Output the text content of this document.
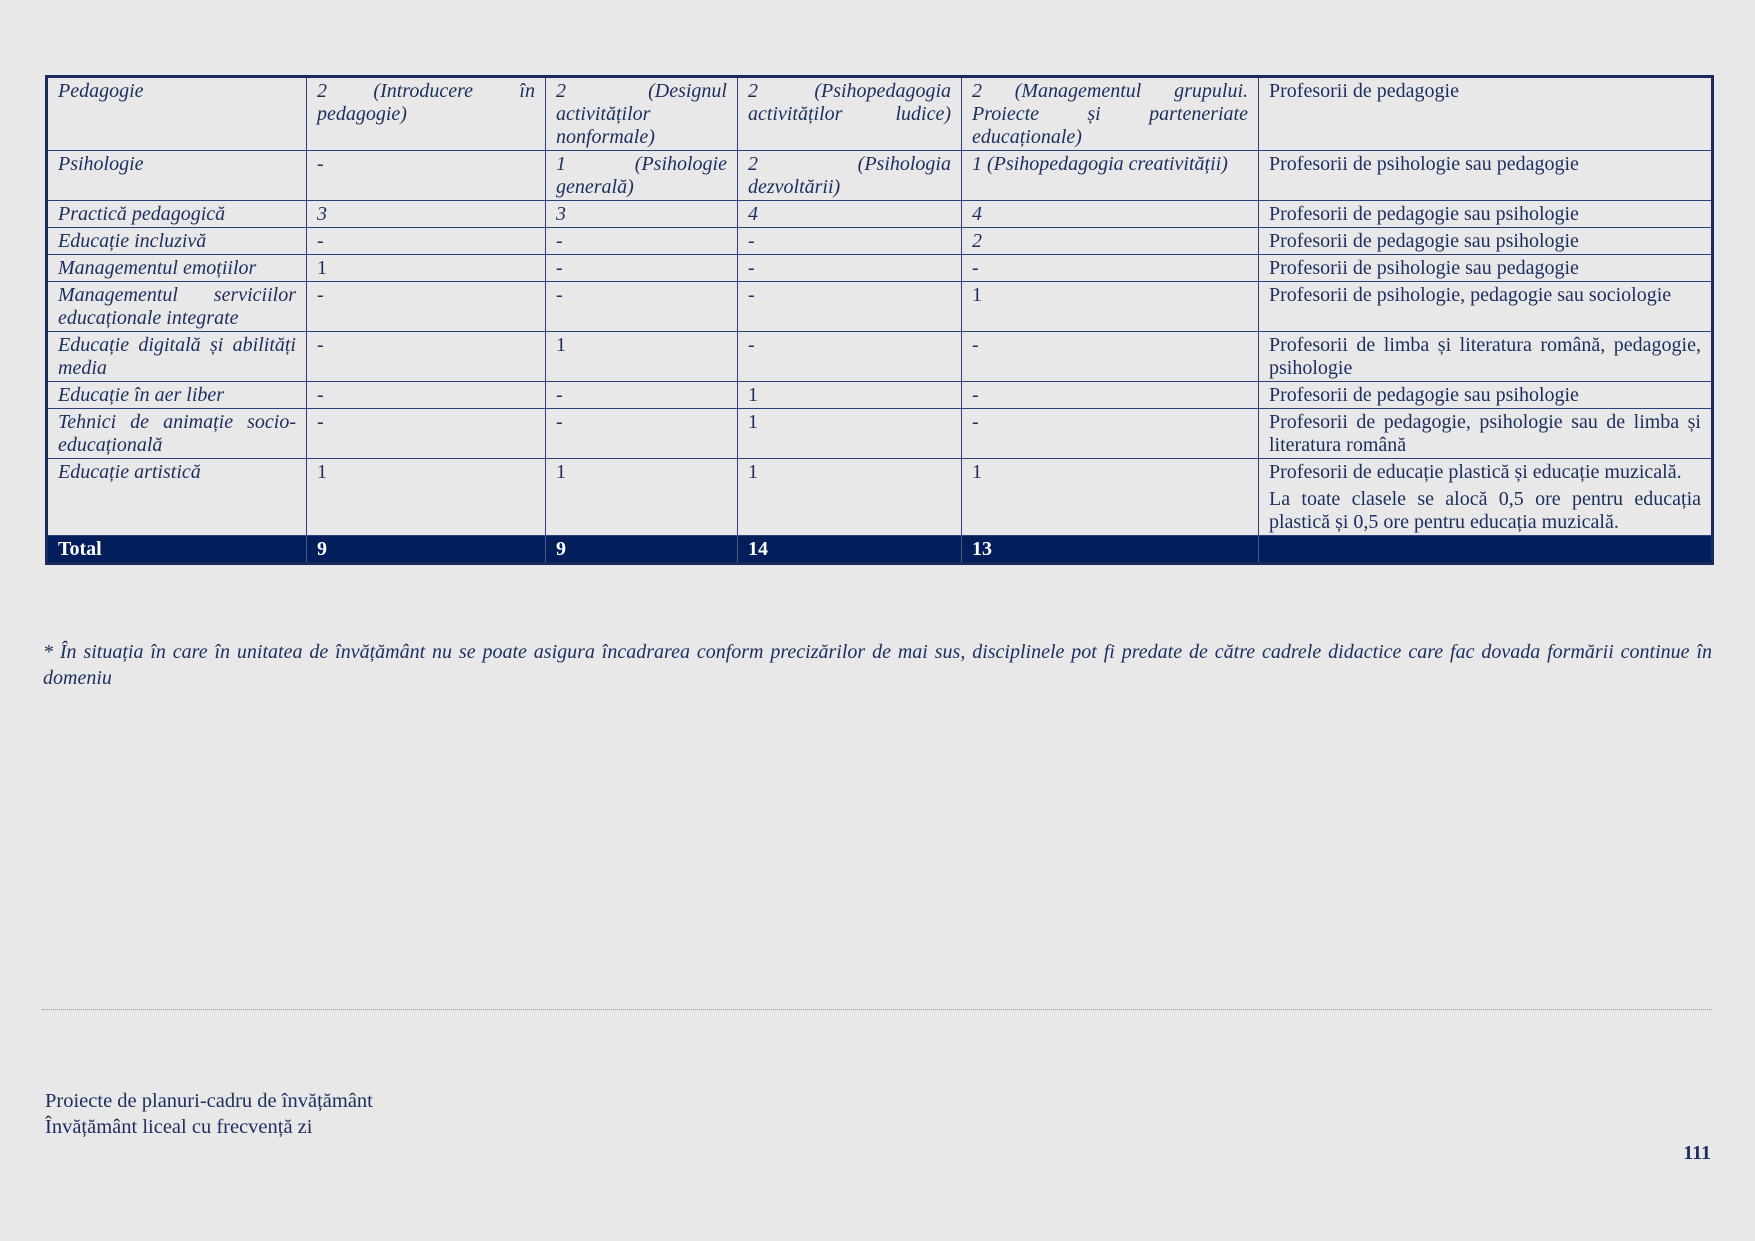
Pedagogie	2 (Introducere în pedagogie)	2 (Designul activităților nonformale)	2 (Psihopedagogia activităților ludice)	2 (Managementul grupului. Proiecte și parteneriate educaționale)	Profesorii de pedagogie
Psihologie	-	1 (Psihologie generală)	2 (Psihologia dezvoltării)	1 (Psihopedagogia creativității)	Profesorii de psihologie sau pedagogie
Practică pedagogică	3	3	4	4	Profesorii de pedagogie sau psihologie
Educație incluzivă	-	-	-	2	Profesorii de pedagogie sau psihologie
Managementul emoțiilor	1	-	-	-	Profesorii de psihologie sau pedagogie
Managementul serviciilor educaționale integrate	-	-	-	1	Profesorii de psihologie, pedagogie sau sociologie
Educație digitală și abilități media	-	1	-	-	Profesorii de limba și literatura română, pedagogie, psihologie
Educație în aer liber	-	-	1	-	Profesorii de pedagogie sau psihologie
Tehnici de animație socio-educațională	-	-	1	-	Profesorii de pedagogie, psihologie sau de limba și literatura română
Educație artistică	1	1	1	1	Profesorii de educație plastică și educație muzicală.
La toate clasele se alocă 0,5 ore pentru educația plastică și 0,5 ore pentru educația muzicală.

Total	9	9	14	13	
* În situația în care în unitatea de învățământ nu se poate asigura încadrarea conform precizărilor de mai sus, disciplinele pot fi predate de către cadrele didactice care fac dovada formării continue în domeniu
Proiecte de planuri-cadru de învățământ
Învățământ liceal cu frecvență zi
111
